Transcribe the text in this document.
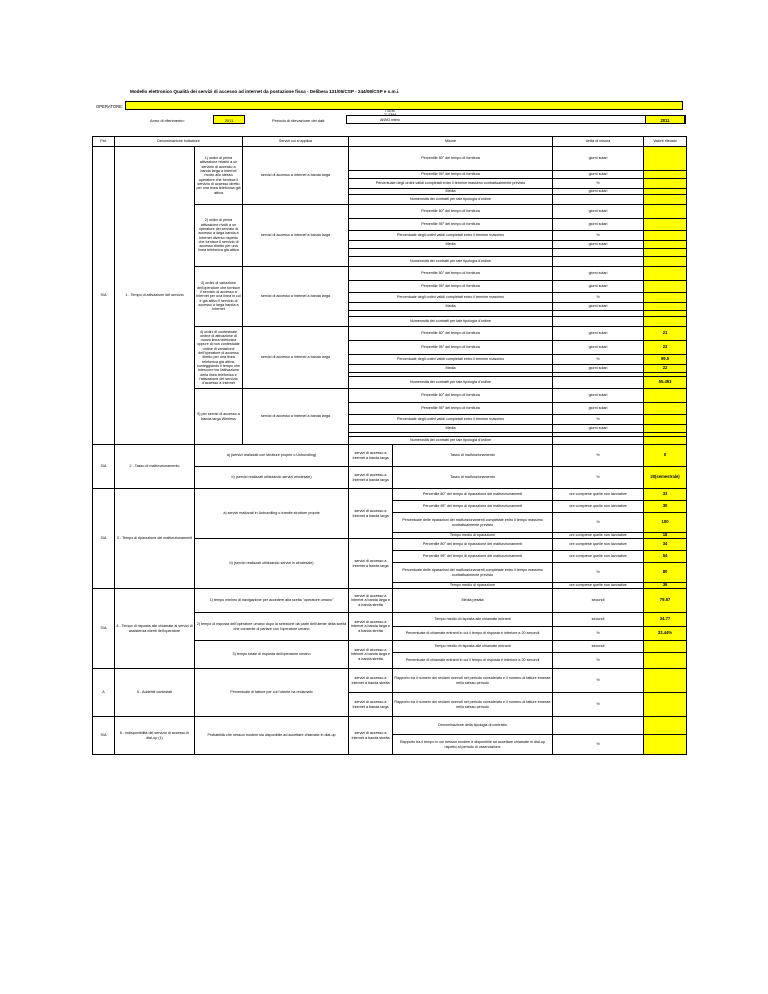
Modello elettronico Qualità dei servizi di accesso ad internet da postazione fissa - Delibera 131/06/CSP - 244/08/CSP e s.m.i.
OPERATORE:
Anno di riferimento:	2011	Periodo di rilevazione dei dati:
I SEM
2° SEM
ANNO intero	2011
Par.	Denominazione indicatore		Servizi cui si applica	Misure		Unità di misura	Valore rilevato
S/A	1 - Tempo di attivazione del servizio	1) ordini di prima attivazione relativi a un servizio di accesso a banda larga a Internet rivolto allo stesso operatore che fornisce il servizio di accesso diretto per una linea telefonica già attiva	servizi di accesso a Internet a banda larga	Percentile 80° del tempo di fornitura		giorni solari	
				Percentile 95° del tempo di fornitura		giorni solari	
				Percentuale degli ordini validi completati entro il termine massimo contrattualmente previsto		%	
				Media		giorni solari	
				Numerosità dei contratti per tale tipologia d'ordine			
		2) ordini di prima attivazione rivolti a un operatore del servizio di accesso a larga banda a Internet diverso rispetto che fornisce il servizio di accesso diretto per una linea telefonica già attiva	servizi di accesso a Internet a banda larga	Percentile 80° del tempo di fornitura		giorni solari	
				Percentile 95° del tempo di fornitura		giorni solari	
				Percentuale degli ordini validi completati entro il termine massimo		%	
				Media		giorni solari	

				Numerosità dei contratti per tale tipologia d'ordine			
		3) ordini di variazione dell'operatore che fornisce il servizio di accesso a Internet per una linea in cui è già attivo il servizio di accesso a larga banda a Internet	servizi di accesso a Internet a banda larga	Percentile 80° del tempo di fornitura		giorni solari	
				Percentile 95° del tempo di fornitura		giorni solari	
				Percentuale degli ordini validi completati entro il termine massimo		%	
				Media		giorni solari	

				Numerosità dei contratti per tale tipologia d'ordine			
		4) ordini di contestuale ordine di attivazione di nuova linea telefonica oppure di non contestuale ordine di variazione dell'operatore di accesso diretto per una linea telefonica già attiva, conteggiando il tempo che intercorre tra l'attivazione della linea telefonica e l'attivazione del servizio d'accesso a Internet	servizi di accesso a Internet a banda larga	Percentile 80° del tempo di fornitura		giorni solari	21
				Percentile 95° del tempo di fornitura		giorni solari	23
				Percentuale degli ordini validi completati entro il termine massimo		%	99.5
				Media		giorni solari	22

				Numerosità dei contratti per tale tipologia d'ordine			55.493
		5) per servizi di accesso a banda larga Wireless	servizi di accesso a Internet a banda larga	Percentile 80° del tempo di fornitura		giorni solari	
				Percentile 95° del tempo di fornitura		giorni solari	
				Percentuale degli ordini validi completati entro il termine massimo		%	
				Media		giorni solari	

				Numerosità dei contratti per tale tipologia d'ordine			
S/A	2 - Tasso di malfunzionamento	a) (servizi realizzati con strutture proprie o Unbundling)		servizi di accesso a Internet a banda larga	Tasso di malfunzionamento	%	0
		b) (servizi realizzati utilizzando servizi wholesale)		servizi di accesso a Internet a banda larga	Tasso di malfunzionamento	%	20(semestrale)
S/A	3 - Tempo di riparazione dei malfunzionamenti	a) servizi realizzati in Unbundling o tramite strutture proprie		servizi di accesso a Internet a banda larga	Percentile 80° del tempo di riparazione dei malfunzionamenti	ore comprese quelle non lavorative	33
					Percentile 95° del tempo di riparazione dei malfunzionamenti	ore comprese quelle non lavorative	30
					Percentuale delle riparazioni dei malfunzionamenti completate entro il tempo massimo contrattualmente previsto	%	100
					Tempo medio di riparazione	ore comprese quelle non lavorative	18
		b) (servizi realizzati utilizzando servizi in wholesale)		servizi di accesso a Internet a banda larga	Percentile 80° del tempo di riparazione dei malfunzionamenti	ore comprese quelle non lavorative	34
					Percentile 95° del tempo di riparazione dei malfunzionamenti	ore comprese quelle non lavorative	54
					Percentuale delle riparazioni dei malfunzionamenti completate entro il tempo massimo contrattualmente previsto	%	80
					Tempo medio di riparazione	ore comprese quelle non lavorative	36
S/A	4 - Tempo di risposta alle chiamate ai servizi di assistenza clienti dell'operatore	1) tempo minimo di navigazione per accedere alla scelta "operatore umano"		servizi di accesso a Internet a banda larga e a banda stretta	Media pesata	secondi	79.57
		2) tempo di risposta dell'operatore umano dopo la selezione da parte dell'utente della scelta che consente di parlare con l'operatore umano		servizi di accesso a Internet a banda larga e a banda stretta	Tempo medio di risposta alle chiamate entranti	secondi	34.77
					Percentuale di chiamate entranti in cui il tempo di risposta è inferiore a 20 secondi	%	33.44%
		3) tempo totale di risposta dell'operatore umano		servizi di accesso a Internet a banda larga e a banda stretta	Tempo medio di risposta alle chiamate entranti	secondi	
					Percentuale di chiamate entranti in cui il tempo di risposta è inferiore a 20 secondi	%	
A	5 - Addebiti contestati	Percentuale di fatture per cui l'utente ha reclamato		servizi di accesso a Internet a banda stretta	Rapporto tra il numero dei reclami ricevuti nel periodo considerato e il numero di fatture emesse nello stesso periodo	%	
				servizi di accesso a Internet a banda larga	Rapporto tra il numero dei reclami ricevuti nel periodo considerato e il numero di fatture emesse nello stesso periodo	%	
S/A	6 - Indisponibilità del servizio di accesso in dial-up (1)	Probabilità che nessun modem sia disponibile ad accettare chiamate in dial-up		servizi di accesso a Internet a banda stretta	Denominazione della tipologia di contratto		
					Rapporto tra il tempo in cui nessun modem è disponibile ad accettare chiamate in dial-up rispetto al periodo di osservazione	%	
